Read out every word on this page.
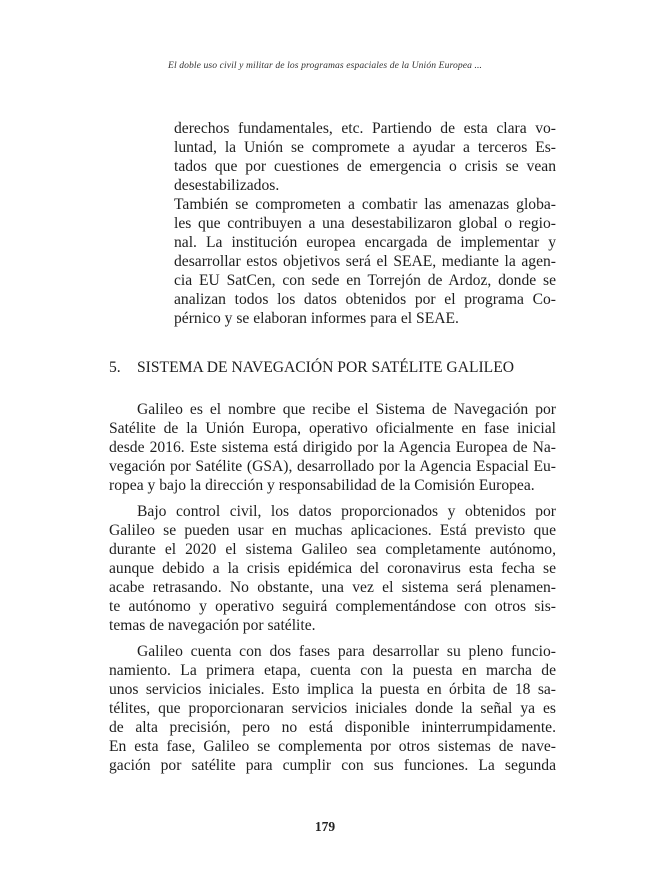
El doble uso civil y militar de los programas espaciales de la Unión Europea ...
derechos fundamentales, etc. Partiendo de esta clara vo-
luntad, la Unión se compromete a ayudar a terceros Es-
tados que por cuestiones de emergencia o crisis se vean
desestabilizados.
También se comprometen a combatir las amenazas globa-
les que contribuyen a una desestabilizaron global o regio-
nal. La institución europea encargada de implementar y
desarrollar estos objetivos será el SEAE, mediante la agen-
cia EU SatCen, con sede en Torrejón de Ardoz, donde se
analizan todos los datos obtenidos por el programa Co-
pérnico y se elaboran informes para el SEAE.
5. SISTEMA DE NAVEGACIÓN POR SATÉLITE GALILEO
Galileo es el nombre que recibe el Sistema de Navegación por
Satélite de la Unión Europa, operativo oficialmente en fase inicial
desde 2016. Este sistema está dirigido por la Agencia Europea de Na-
vegación por Satélite (GSA), desarrollado por la Agencia Espacial Eu-
ropea y bajo la dirección y responsabilidad de la Comisión Europea.
Bajo control civil, los datos proporcionados y obtenidos por
Galileo se pueden usar en muchas aplicaciones. Está previsto que
durante el 2020 el sistema Galileo sea completamente autónomo,
aunque debido a la crisis epidémica del coronavirus esta fecha se
acabe retrasando. No obstante, una vez el sistema será plenamen-
te autónomo y operativo seguirá complementándose con otros sis-
temas de navegación por satélite.
Galileo cuenta con dos fases para desarrollar su pleno funcio-
namiento. La primera etapa, cuenta con la puesta en marcha de
unos servicios iniciales. Esto implica la puesta en órbita de 18 sa-
télites, que proporcionaran servicios iniciales donde la señal ya es
de alta precisión, pero no está disponible ininterrumpidamente.
En esta fase, Galileo se complementa por otros sistemas de nave-
gación por satélite para cumplir con sus funciones. La segunda
179
